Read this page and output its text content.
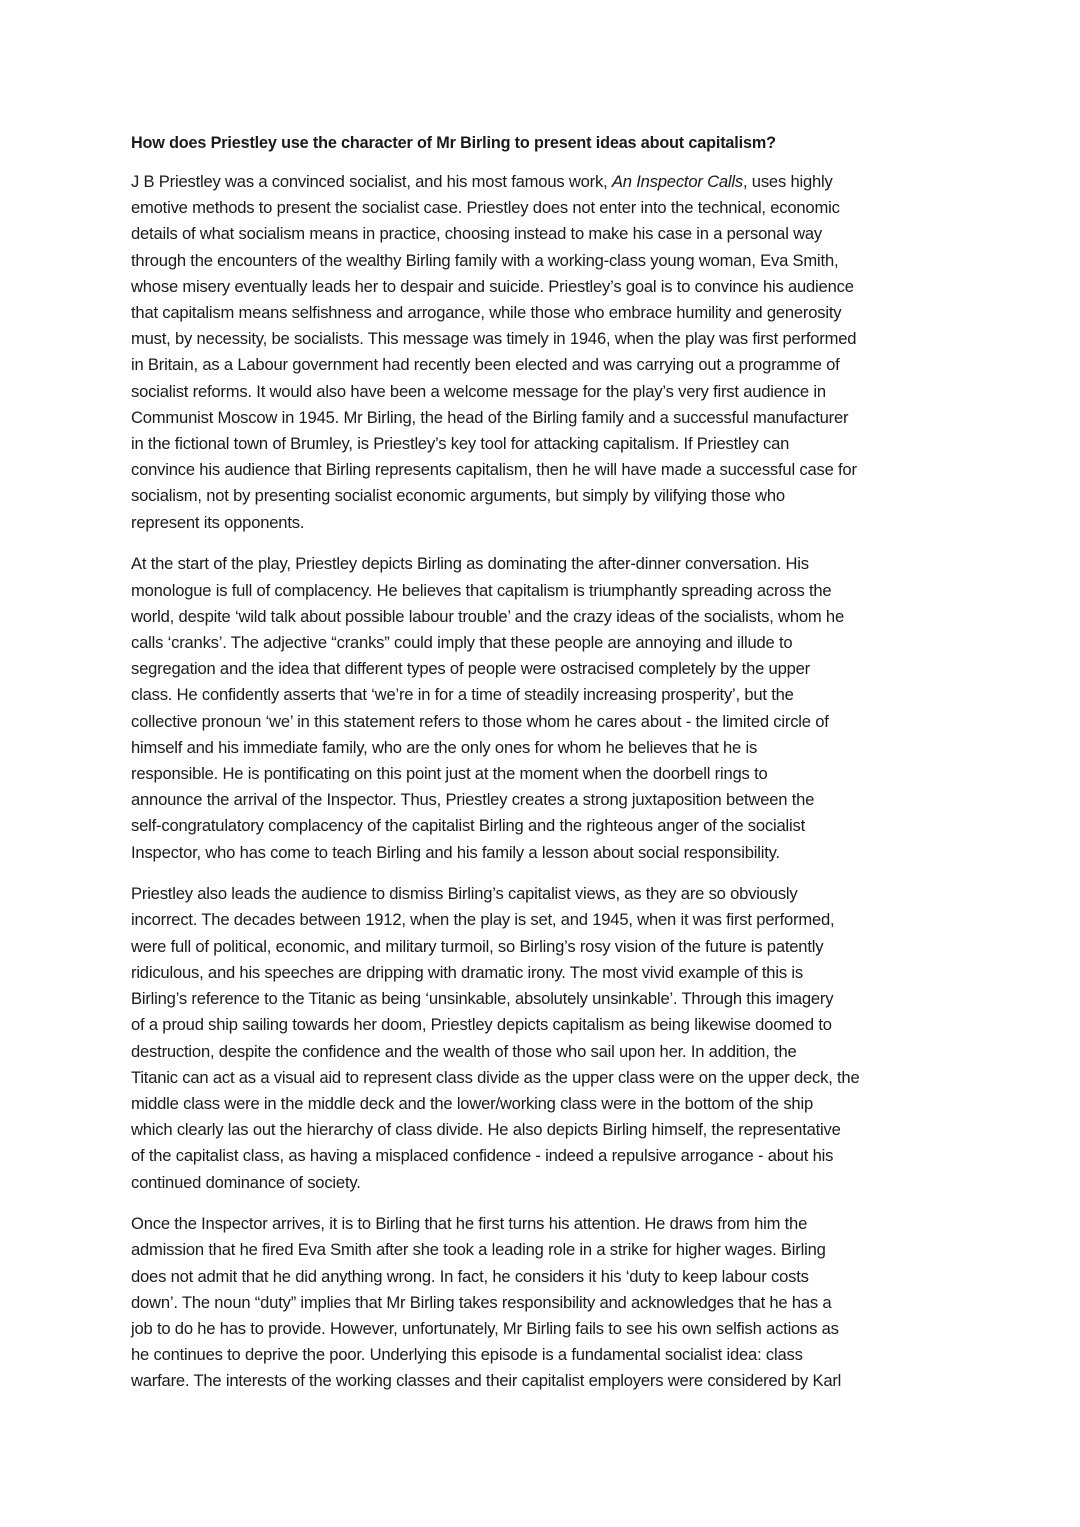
How does Priestley use the character of Mr Birling to present ideas about capitalism?
J B Priestley was a convinced socialist, and his most famous work, An Inspector Calls, uses highly
emotive methods to present the socialist case. Priestley does not enter into the technical, economic
details of what socialism means in practice, choosing instead to make his case in a personal way
through the encounters of the wealthy Birling family with a working-class young woman, Eva Smith,
whose misery eventually leads her to despair and suicide. Priestley’s goal is to convince his audience
that capitalism means selfishness and arrogance, while those who embrace humility and generosity
must, by necessity, be socialists. This message was timely in 1946, when the play was first performed
in Britain, as a Labour government had recently been elected and was carrying out a programme of
socialist reforms. It would also have been a welcome message for the play’s very first audience in
Communist Moscow in 1945. Mr Birling, the head of the Birling family and a successful manufacturer
in the fictional town of Brumley, is Priestley’s key tool for attacking capitalism. If Priestley can
convince his audience that Birling represents capitalism, then he will have made a successful case for
socialism, not by presenting socialist economic arguments, but simply by vilifying those who
represent its opponents.
At the start of the play, Priestley depicts Birling as dominating the after-dinner conversation. His
monologue is full of complacency. He believes that capitalism is triumphantly spreading across the
world, despite ‘wild talk about possible labour trouble’ and the crazy ideas of the socialists, whom he
calls ‘cranks’. The adjective “cranks” could imply that these people are annoying and illude to
segregation and the idea that different types of people were ostracised completely by the upper
class. He confidently asserts that ‘we’re in for a time of steadily increasing prosperity’, but the
collective pronoun ‘we’ in this statement refers to those whom he cares about - the limited circle of
himself and his immediate family, who are the only ones for whom he believes that he is
responsible. He is pontificating on this point just at the moment when the doorbell rings to
announce the arrival of the Inspector. Thus, Priestley creates a strong juxtaposition between the
self-congratulatory complacency of the capitalist Birling and the righteous anger of the socialist
Inspector, who has come to teach Birling and his family a lesson about social responsibility.
Priestley also leads the audience to dismiss Birling’s capitalist views, as they are so obviously
incorrect. The decades between 1912, when the play is set, and 1945, when it was first performed,
were full of political, economic, and military turmoil, so Birling’s rosy vision of the future is patently
ridiculous, and his speeches are dripping with dramatic irony. The most vivid example of this is
Birling’s reference to the Titanic as being ‘unsinkable, absolutely unsinkable’. Through this imagery
of a proud ship sailing towards her doom, Priestley depicts capitalism as being likewise doomed to
destruction, despite the confidence and the wealth of those who sail upon her. In addition, the
Titanic can act as a visual aid to represent class divide as the upper class were on the upper deck, the
middle class were in the middle deck and the lower/working class were in the bottom of the ship
which clearly las out the hierarchy of class divide. He also depicts Birling himself, the representative
of the capitalist class, as having a misplaced confidence - indeed a repulsive arrogance - about his
continued dominance of society.
Once the Inspector arrives, it is to Birling that he first turns his attention. He draws from him the
admission that he fired Eva Smith after she took a leading role in a strike for higher wages. Birling
does not admit that he did anything wrong. In fact, he considers it his ‘duty to keep labour costs
down’. The noun “duty” implies that Mr Birling takes responsibility and acknowledges that he has a
job to do he has to provide. However, unfortunately, Mr Birling fails to see his own selfish actions as
he continues to deprive the poor. Underlying this episode is a fundamental socialist idea: class
warfare. The interests of the working classes and their capitalist employers were considered by Karl
